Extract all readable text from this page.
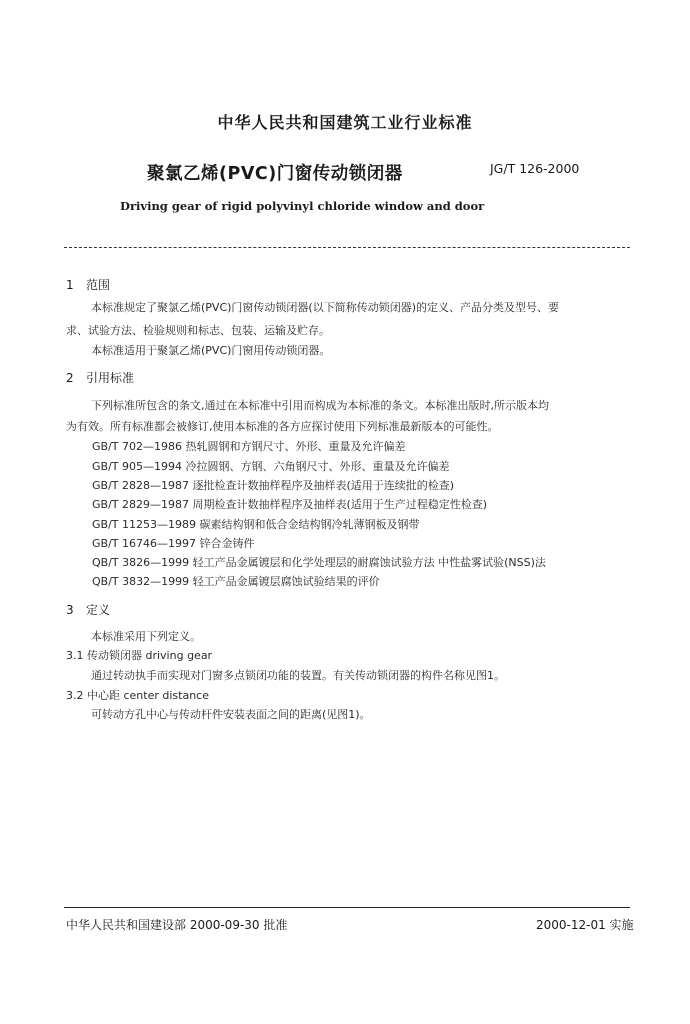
中华人民共和国建筑工业行业标准
聚氯乙烯(PVC)门窗传动锁闭器	JG/T 126-2000
Driving gear of rigid polyvinyl chloride window and door
1 范围
本标准规定了聚氯乙烯(PVC)门窗传动锁闭器(以下简称传动锁闭器)的定义、产品分类及型号、要
求、试验方法、检验规则和标志、包装、运输及贮存。
本标准适用于聚氯乙烯(PVC)门窗用传动锁闭器。
2 引用标准
下列标准所包含的条文,通过在本标准中引用而构成为本标准的条文。本标准出版时,所示版本均
为有效。所有标准都会被修订,使用本标准的各方应探讨使用下列标准最新版本的可能性。
GB/T 702—1986 热轧圆钢和方钢尺寸、外形、重量及允许偏差
GB/T 905—1994 冷拉圆钢、方钢、六角钢尺寸、外形、重量及允许偏差
GB/T 2828—1987 逐批检查计数抽样程序及抽样表(适用于连续批的检查)
GB/T 2829—1987 周期检查计数抽样程序及抽样表(适用于生产过程稳定性检查)
GB/T 11253—1989 碳素结构钢和低合金结构钢冷轧薄钢板及钢带
GB/T 16746—1997 锌合金铸件
QB/T 3826—1999 轻工产品金属镀层和化学处理层的耐腐蚀试验方法 中性盐雾试验(NSS)法
QB/T 3832—1999 轻工产品金属镀层腐蚀试验结果的评价
3 定义
本标准采用下列定义。
3.1 传动锁闭器 driving gear
通过转动执手而实现对门窗多点锁闭功能的装置。有关传动锁闭器的构件名称见图1。
3.2 中心距 center distance
可转动方孔中心与传动杆件安装表面之间的距离(见图1)。
中华人民共和国建设部 2000-09-30 批准	2000-12-01 实施
